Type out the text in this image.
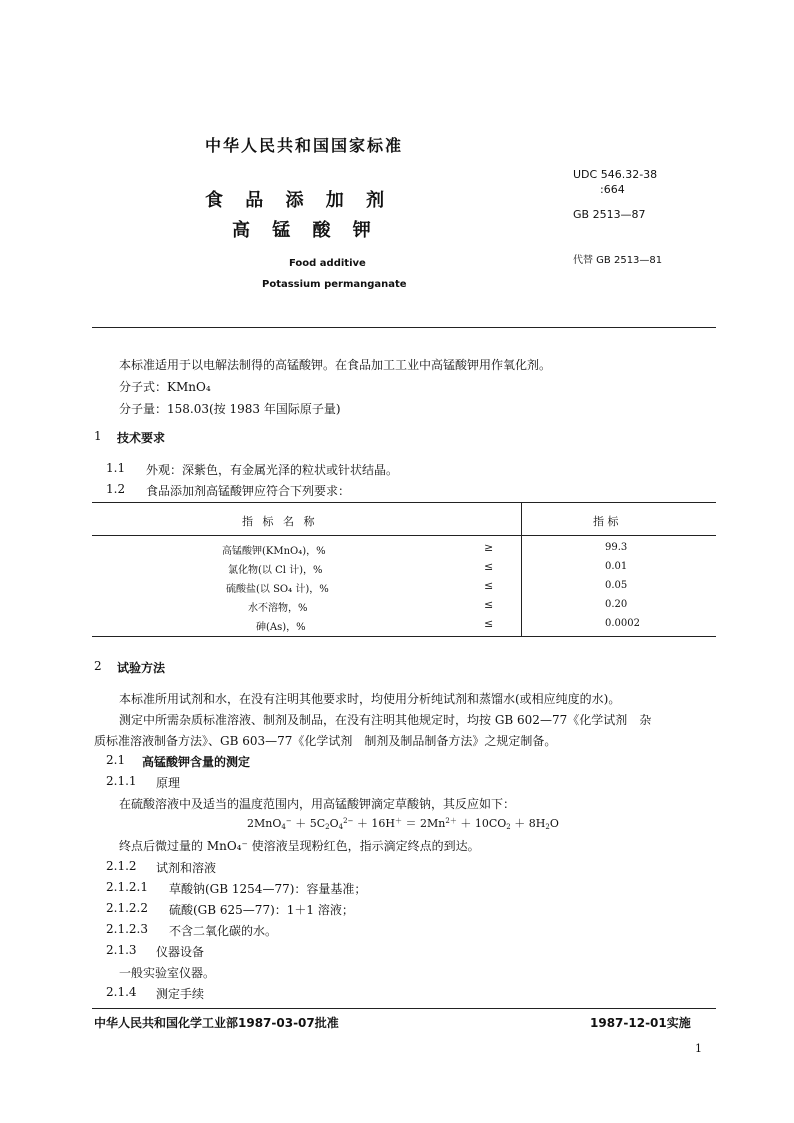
中华人民共和国国家标准
食 品 添 加 剂
高 锰 酸 钾
Food additive
Potassium permanganate
UDC 546.32-38
:664
GB 2513—87
代替 GB 2513—81
本标准适用于以电解法制得的高锰酸钾。在食品加工工业中高锰酸钾用作氧化剂。
分子式：KMnO₄
分子量：158.03(按 1983 年国际原子量)
1 技术要求
1.1 外观：深紫色，有金属光泽的粒状或针状结晶。
1.2 食品添加剂高锰酸钾应符合下列要求：
指 标 名 称	指 标
高锰酸钾(KMnO₄)，%	≥	99.3
氯化物(以 Cl 计)，%	≤	0.01
硫酸盐(以 SO₄ 计)，%	≤	0.05
水不溶物，%	≤	0.20
砷(As)，%	≤	0.0002
2 试验方法
本标准所用试剂和水，在没有注明其他要求时，均使用分析纯试剂和蒸馏水(或相应纯度的水)。
测定中所需杂质标准溶液、制剂及制品，在没有注明其他规定时，均按 GB 602—77《化学试剂　杂
质标准溶液制备方法》、GB 603—77《化学试剂　制剂及制品制备方法》之规定制备。
2.1 高锰酸钾含量的测定
2.1.1 原理
在硫酸溶液中及适当的温度范围内，用高锰酸钾滴定草酸钠，其反应如下：
$2MnO_4^- + 5C_2O_4^{2-} + 16H^+ = 2Mn^{2+} + 10CO_2 + 8H_2O$
终点后微过量的 MnO₄⁻ 使溶液呈现粉红色，指示滴定终点的到达。
2.1.2 试剂和溶液
2.1.2.1 草酸钠(GB 1254—77)：容量基准；
2.1.2.2 硫酸(GB 625—77)：1＋1 溶液；
2.1.2.3 不含二氧化碳的水。
2.1.3 仪器设备
一般实验室仪器。
2.1.4 测定手续
中华人民共和国化学工业部1987-03-07批准	1987-12-01实施
1
